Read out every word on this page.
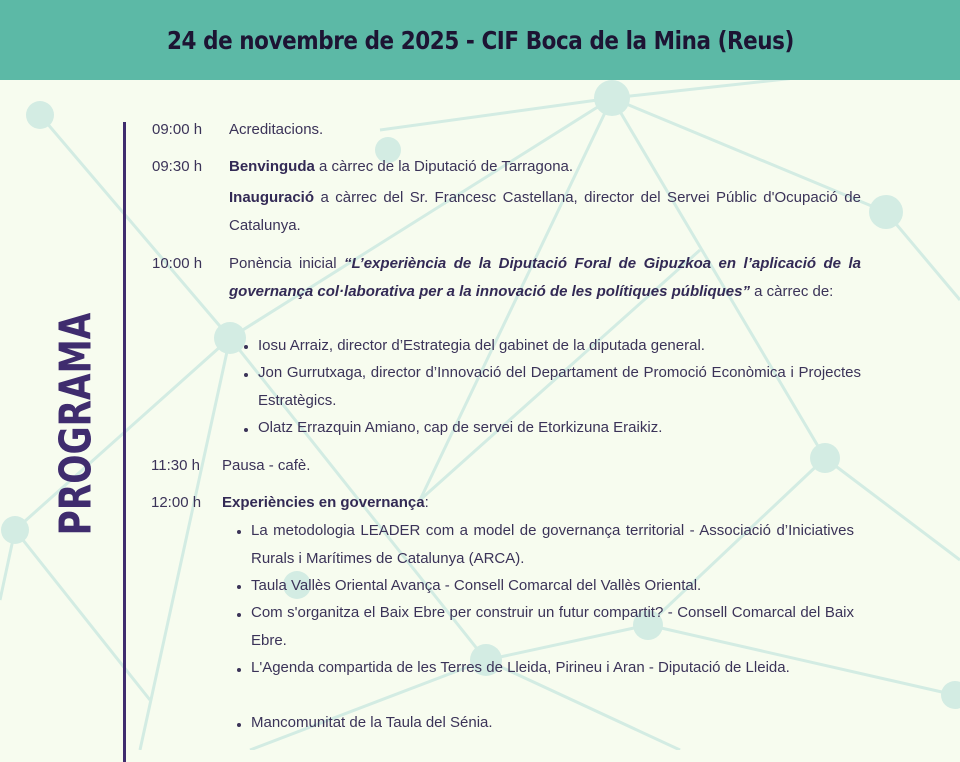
24 de novembre de 2025 - CIF Boca de la Mina (Reus)
PROGRAMA
09:00 h Acreditacions.
09:30 h Benvinguda a càrrec de la Diputació de Tarragona.
Inauguració a càrrec del Sr. Francesc Castellana, director del Servei Públic d'Ocupació de Catalunya.
10:00 h Ponència inicial “L’experiència de la Diputació Foral de Gipuzkoa en l’aplicació de la governança col·laborativa per a la innovació de les polítiques públiques” a càrrec de:
Iosu Arraiz, director d’Estrategia del gabinet de la diputada general.
Jon Gurrutxaga, director d’Innovació del Departament de Promoció Econòmica i Projectes Estratègics.
Olatz Errazquin Amiano, cap de servei de Etorkizuna Eraikiz.
11:30 h Pausa - cafè.
12:00 h Experiències en governança:
La metodologia LEADER com a model de governança territorial - Associació d’Iniciatives Rurals i Marítimes de Catalunya (ARCA).
Taula Vallès Oriental Avança - Consell Comarcal del Vallès Oriental.
Com s'organitza el Baix Ebre per construir un futur compartit? - Consell Comarcal del Baix Ebre.
L'Agenda compartida de les Terres de Lleida, Pirineu i Aran - Diputació de Lleida.
Mancomunitat de la Taula del Sénia.
